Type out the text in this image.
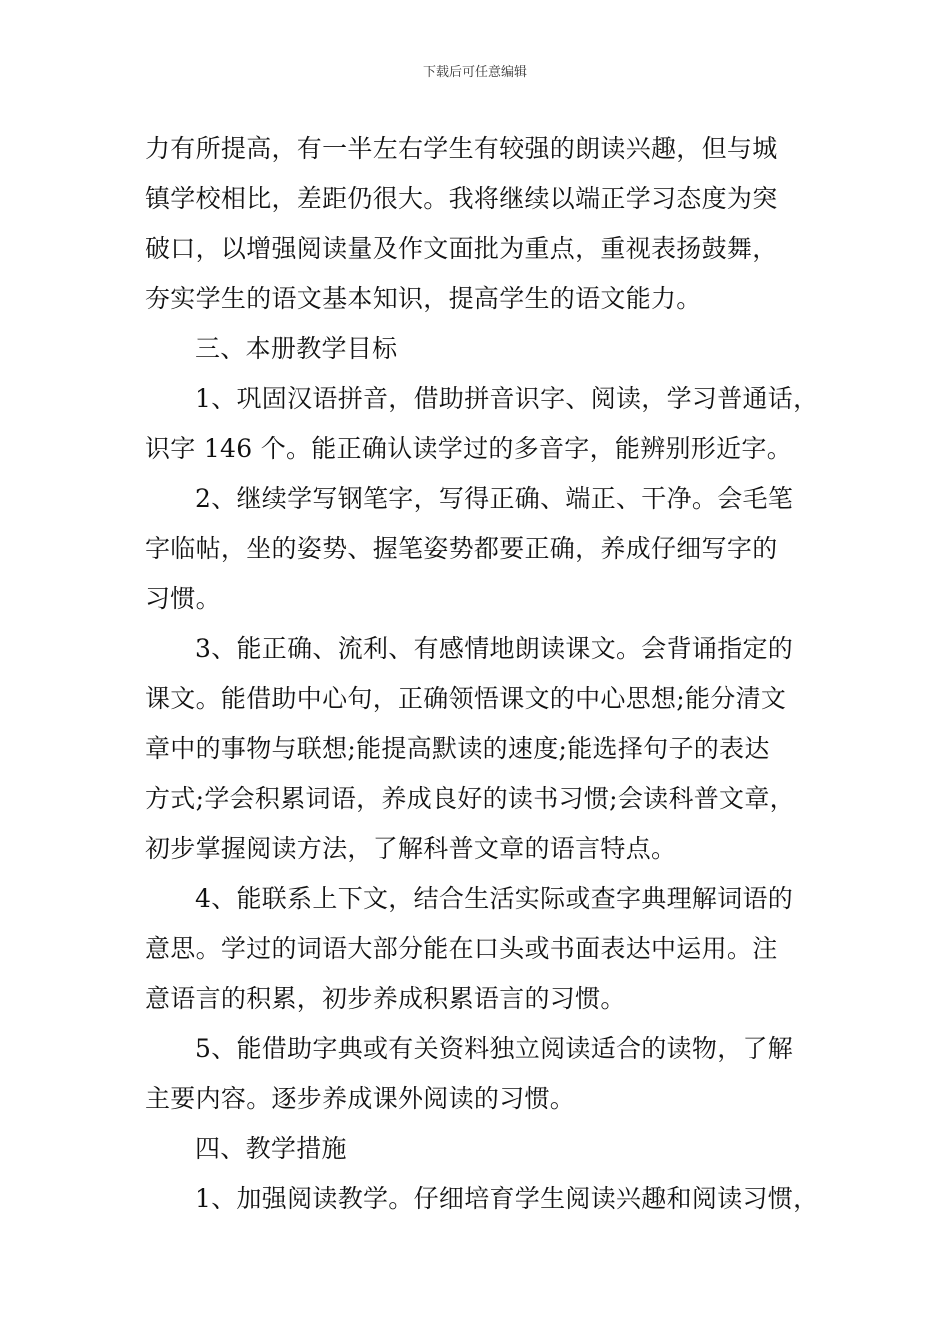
下载后可任意编辑
力有所提高，有一半左右学生有较强的朗读兴趣，但与城
镇学校相比，差距仍很大。我将继续以端正学习态度为突
破口，以增强阅读量及作文面批为重点，重视表扬鼓舞，
夯实学生的语文基本知识，提高学生的语文能力。
三、本册教学目标
1、巩固汉语拼音，借助拼音识字、阅读，学习普通话，
识字 146 个。能正确认读学过的多音字，能辨别形近字。
2、继续学写钢笔字，写得正确、端正、干净。会毛笔
字临帖，坐的姿势、握笔姿势都要正确，养成仔细写字的
习惯。
3、能正确、流利、有感情地朗读课文。会背诵指定的
课文。能借助中心句，正确领悟课文的中心思想;能分清文
章中的事物与联想;能提高默读的速度;能选择句子的表达
方式;学会积累词语，养成良好的读书习惯;会读科普文章，
初步掌握阅读方法，了解科普文章的语言特点。
4、能联系上下文，结合生活实际或查字典理解词语的
意思。学过的词语大部分能在口头或书面表达中运用。注
意语言的积累，初步养成积累语言的习惯。
5、能借助字典或有关资料独立阅读适合的读物，了解
主要内容。逐步养成课外阅读的习惯。
四、教学措施
1、加强阅读教学。仔细培育学生阅读兴趣和阅读习惯，
